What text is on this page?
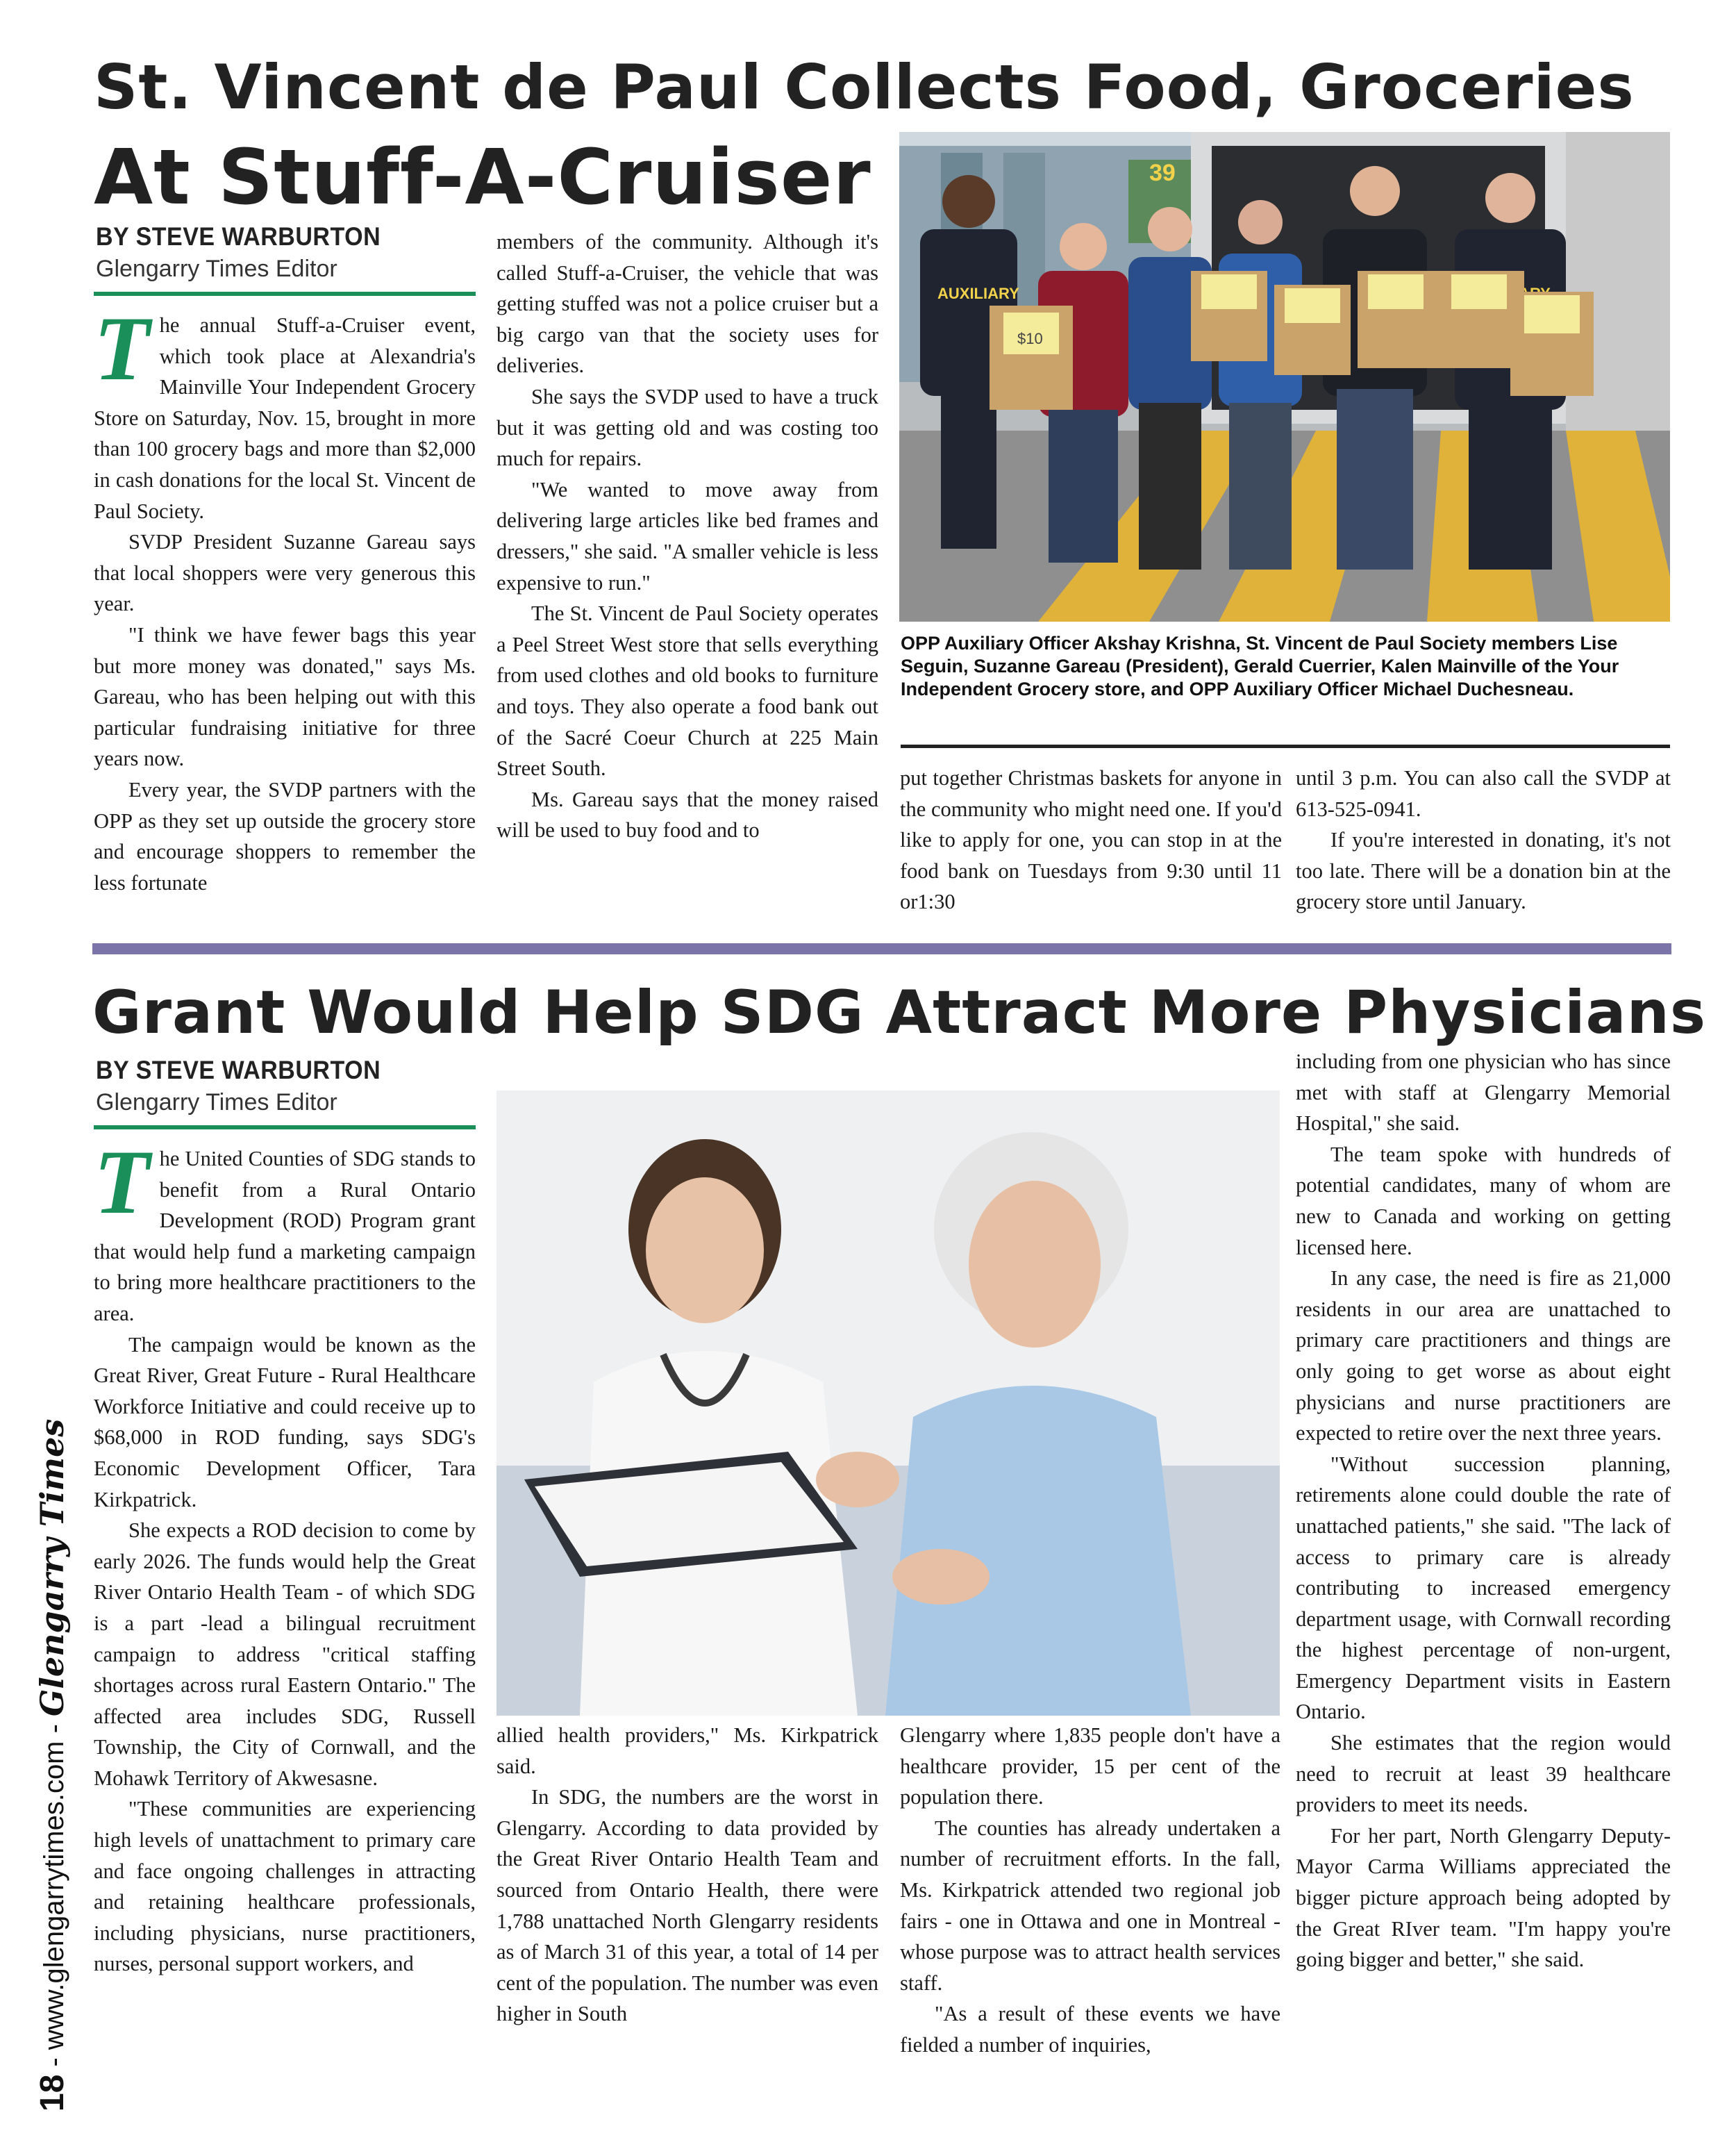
18 - www.glengarrytimes.com - Glengarry Times
St. Vincent de Paul Collects Food, Groceries
At Stuff-A-Cruiser
BY STEVE WARBURTON
Glengarry Times Editor
T he annual Stuff-a-Cruiser event, which took place at Alexandria's Mainville Your Independent Grocery Store on Saturday, Nov. 15, brought in more than 100 grocery bags and more than $2,000 in cash donations for the local St. Vincent de Paul Society.

SVDP President Suzanne Gareau says that local shoppers were very generous this year.

"I think we have fewer bags this year but more money was donated," says Ms. Gareau, who has been helping out with this particular fundraising initiative for three years now.

Every year, the SVDP partners with the OPP as they set up outside the grocery store and encourage shoppers to remember the less fortunate

members of the community. Although it's called Stuff-a-Cruiser, the vehicle that was getting stuffed was not a police cruiser but a big cargo van that the society uses for deliveries.

She says the SVDP used to have a truck but it was getting old and was costing too much for repairs.

"We wanted to move away from delivering large articles like bed frames and dressers," she said. "A smaller vehicle is less expensive to run."

The St. Vincent de Paul Society operates a Peel Street West store that sells everything from used clothes and old books to furniture and toys. They also operate a food bank out of the Sacré Coeur Church at 225 Main Street South.

Ms. Gareau says that the money raised will be used to buy food and to

39
AUXILIARY
$10
OPP Auxiliary Officer Akshay Krishna, St. Vincent de Paul Society members Lise Seguin, Suzanne Gareau (President), Gerald Cuerrier, Kalen Mainville of the Your Independent Grocery store, and OPP Auxiliary Officer Michael Duchesneau.

put together Christmas baskets for anyone in the community who might need one. If you'd like to apply for one, you can stop in at the food bank on Tuesdays from 9:30 until 11 or1:30

until 3 p.m. You can also call the SVDP at 613-525-0941.

If you're interested in donating, it's not too late. There will be a donation bin at the grocery store until January.

Grant Would Help SDG Attract More Physicians
BY STEVE WARBURTON
Glengarry Times Editor
T he United Counties of SDG stands to benefit from a Rural Ontario Development (ROD) Program grant that would help fund a marketing campaign to bring more healthcare practitioners to the area.

The campaign would be known as the Great River, Great Future - Rural Healthcare Workforce Initiative and could receive up to $68,000 in ROD funding, says SDG's Economic Development Officer, Tara Kirkpatrick.

She expects a ROD decision to come by early 2026. The funds would help the Great River Ontario Health Team - of which SDG is a part -lead a bilingual recruitment campaign to address "critical staffing shortages across rural Eastern Ontario." The affected area includes SDG, Russell Township, the City of Cornwall, and the Mohawk Territory of Akwesasne.

"These communities are experiencing high levels of unattachment to primary care and face ongoing challenges in attracting and retaining healthcare professionals, including physicians, nurse practitioners, nurses, personal support workers, and

allied health providers," Ms. Kirkpatrick said.

In SDG, the numbers are the worst in Glengarry. According to data provided by the Great River Ontario Health Team and sourced from Ontario Health, there were 1,788 unattached North Glengarry residents as of March 31 of this year, a total of 14 per cent of the population. The number was even higher in South

Glengarry where 1,835 people don't have a healthcare provider, 15 per cent of the population there.

The counties has already undertaken a number of recruitment efforts. In the fall, Ms. Kirkpatrick attended two regional job fairs - one in Ottawa and one in Montreal - whose purpose was to attract health services staff.

"As a result of these events we have fielded a number of inquiries,

including from one physician who has since met with staff at Glengarry Memorial Hospital," she said.

The team spoke with hundreds of potential candidates, many of whom are new to Canada and working on getting licensed here.

In any case, the need is fire as 21,000 residents in our area are unattached to primary care practitioners and things are only going to get worse as about eight physicians and nurse practitioners are expected to retire over the next three years.

"Without succession planning, retirements alone could double the rate of unattached patients," she said. "The lack of access to primary care is already contributing to increased emergency department usage, with Cornwall recording the highest percentage of non-urgent, Emergency Department visits in Eastern Ontario.

She estimates that the region would need to recruit at least 39 healthcare providers to meet its needs.

For her part, North Glengarry Deputy-Mayor Carma Williams appreciated the bigger picture approach being adopted by the Great RIver team. "I'm happy you're going bigger and better," she said.
